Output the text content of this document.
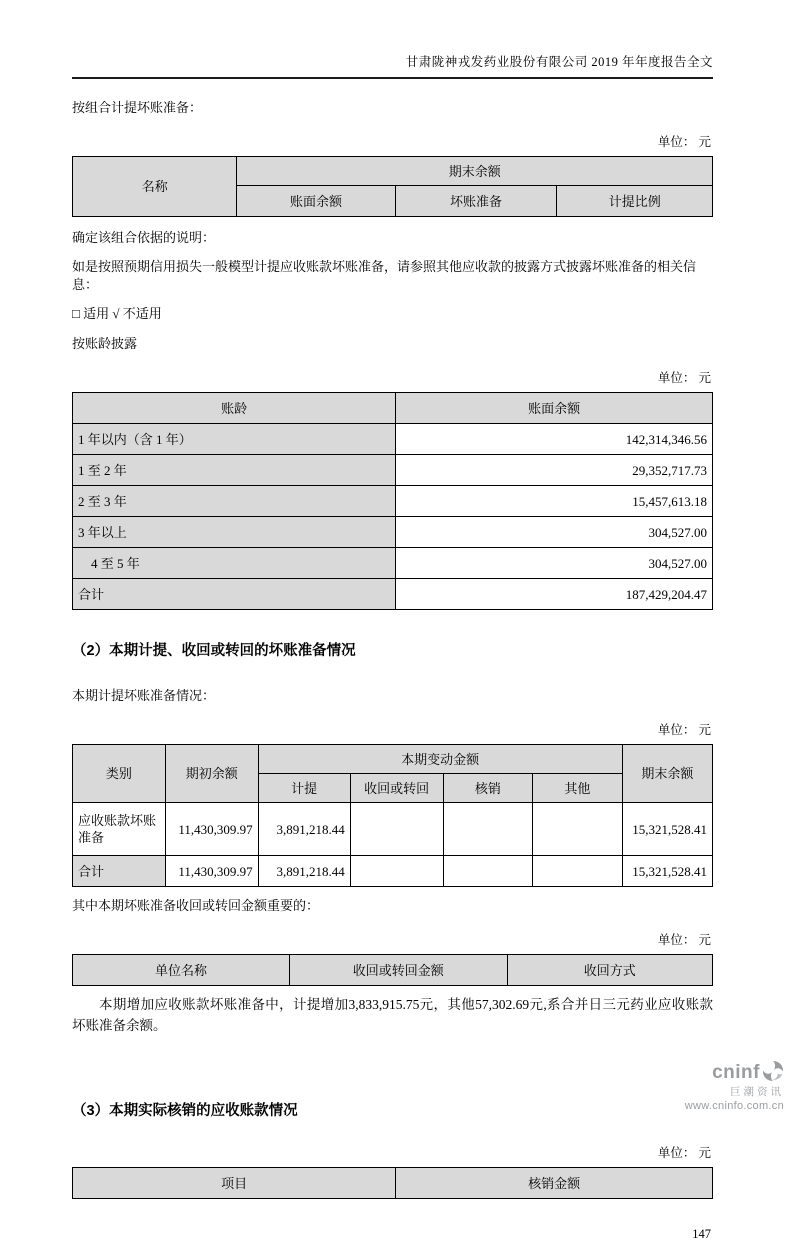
甘肃陇神戎发药业股份有限公司 2019 年年度报告全文

按组合计提坏账准备：

单位： 元
名称	期末余额		
	账面余额	坏账准备	计提比例

确定该组合依据的说明：

如是按照预期信用损失一般模型计提应收账款坏账准备，请参照其他应收款的披露方式披露坏账准备的相关信息：

□ 适用 √ 不适用

按账龄披露

单位： 元
账龄	账面余额
1 年以内（含 1 年）	142,314,346.56
1 至 2 年	29,352,717.73
2 至 3 年	15,457,613.18
3 年以上	304,527.00
　4 至 5 年	304,527.00
合计	187,429,204.47
（2）本期计提、收回或转回的坏账准备情况

本期计提坏账准备情况：

单位： 元
类别	期初余额	本期变动金额				期末余额
		计提	收回或转回	核销	其他	
应收账款坏账准备	11,430,309.97	3,891,218.44				15,321,528.41
合计	11,430,309.97	3,891,218.44				15,321,528.41

其中本期坏账准备收回或转回金额重要的：

单位： 元
单位名称	收回或转回金额	收回方式

本期增加应收账款坏账准备中，计提增加3,833,915.75元，其他57,302.69元,系合并日三元药业应收账款坏账准备余额。

（3）本期实际核销的应收账款情况
单位： 元
项目	核销金额
147
cninf
巨潮资讯
www.cninfo.com.cn
